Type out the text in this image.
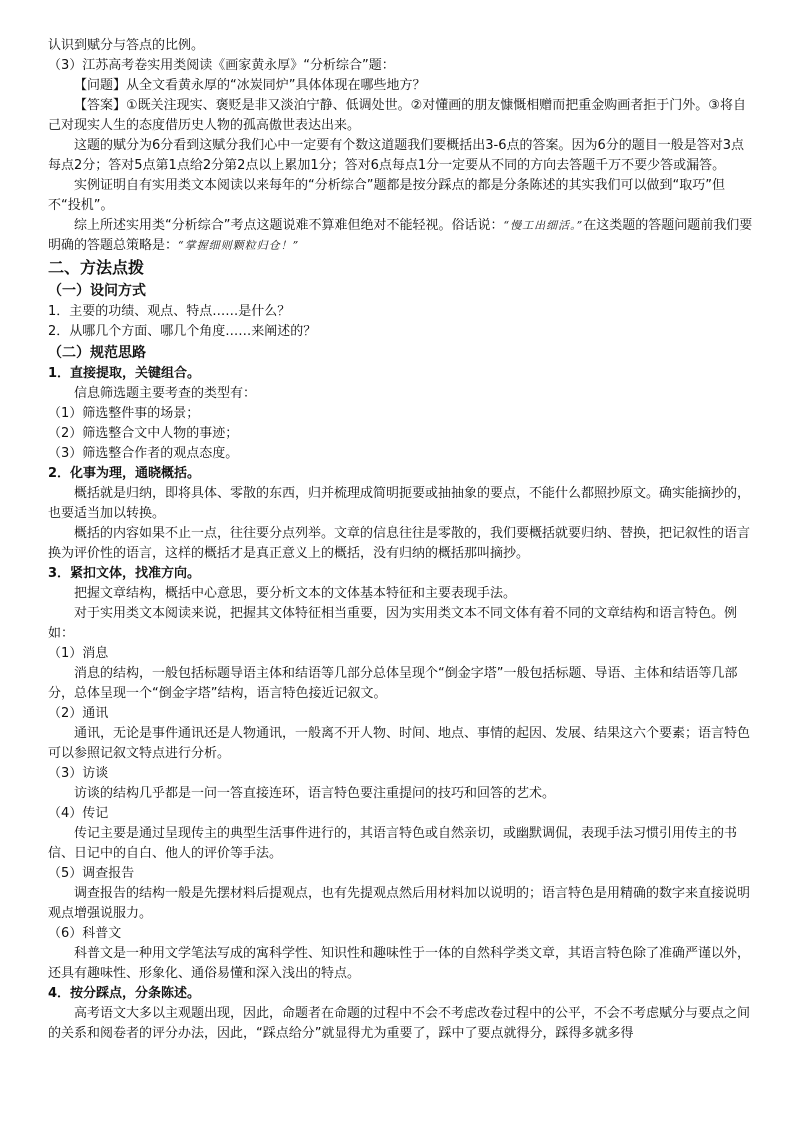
认识到赋分与答点的比例。
（3）江苏高考卷实用类阅读《画家黄永厚》“分析综合”题：
【问题】从全文看黄永厚的“冰炭同炉”具体体现在哪些地方？
【答案】①既关注现实、褒贬是非又淡泊宁静、低调处世。②对懂画的朋友慷慨相赠而把重金购画者拒于门外。③将自己对现实人生的态度借历史人物的孤高傲世表达出来。
这题的赋分为6分看到这赋分我们心中一定要有个数这道题我们要概括出3-6点的答案。因为6分的题目一般是答对3点每点2分；答对5点第1点给2分第2点以上累加1分；答对6点每点1分一定要从不同的方向去答题千万不要少答或漏答。
实例证明自有实用类文本阅读以来每年的“分析综合”题都是按分踩点的都是分条陈述的其实我们可以做到“取巧”但不“投机”。
综上所述实用类“分析综合”考点这题说难不算难但绝对不能轻视。俗话说：“慢工出细活。”在这类题的答题问题前我们要明确的答题总策略是：“掌握细则颗粒归仓！”
二、方法点拨
（一）设问方式
1．主要的功绩、观点、特点……是什么？
2．从哪几个方面、哪几个角度……来阐述的？
（二）规范思路
1．直接提取，关键组合。
信息筛选题主要考查的类型有：
（1）筛选整件事的场景；
（2）筛选整合文中人物的事迹；
（3）筛选整合作者的观点态度。
2．化事为理，通晓概括。
概括就是归纳，即将具体、零散的东西，归并梳理成简明扼要或抽抽象的要点，不能什么都照抄原文。确实能摘抄的，也要适当加以转换。
概括的内容如果不止一点，往往要分点列举。文章的信息往往是零散的，我们要概括就要归纳、替换，把记叙性的语言换为评价性的语言，这样的概括才是真正意义上的概括，没有归纳的概括那叫摘抄。
3．紧扣文体，找准方向。
把握文章结构，概括中心意思，要分析文本的文体基本特征和主要表现手法。
对于实用类文本阅读来说，把握其文体特征相当重要，因为实用类文本不同文体有着不同的文章结构和语言特色。例如：
（1）消息
消息的结构，一般包括标题导语主体和结语等几部分总体呈现个“倒金字塔”一般包括标题、导语、主体和结语等几部分，总体呈现一个“倒金字塔”结构，语言特色接近记叙文。
（2）通讯
通讯，无论是事件通讯还是人物通讯，一般离不开人物、时间、地点、事情的起因、发展、结果这六个要素；语言特色可以参照记叙文特点进行分析。
（3）访谈
访谈的结构几乎都是一问一答直接连环，语言特色要注重提问的技巧和回答的艺术。
（4）传记
传记主要是通过呈现传主的典型生活事件进行的，其语言特色或自然亲切，或幽默调侃，表现手法习惯引用传主的书信、日记中的自白、他人的评价等手法。
（5）调查报告
调查报告的结构一般是先摆材料后提观点，也有先提观点然后用材料加以说明的；语言特色是用精确的数字来直接说明观点增强说服力。
（6）科普文
科普文是一种用文学笔法写成的寓科学性、知识性和趣味性于一体的自然科学类文章，其语言特色除了准确严谨以外，还具有趣味性、形象化、通俗易懂和深入浅出的特点。
4．按分踩点，分条陈述。
高考语文大多以主观题出现，因此，命题者在命题的过程中不会不考虑改卷过程中的公平，不会不考虑赋分与要点之间的关系和阅卷者的评分办法，因此，“踩点给分”就显得尤为重要了，踩中了要点就得分，踩得多就多得
